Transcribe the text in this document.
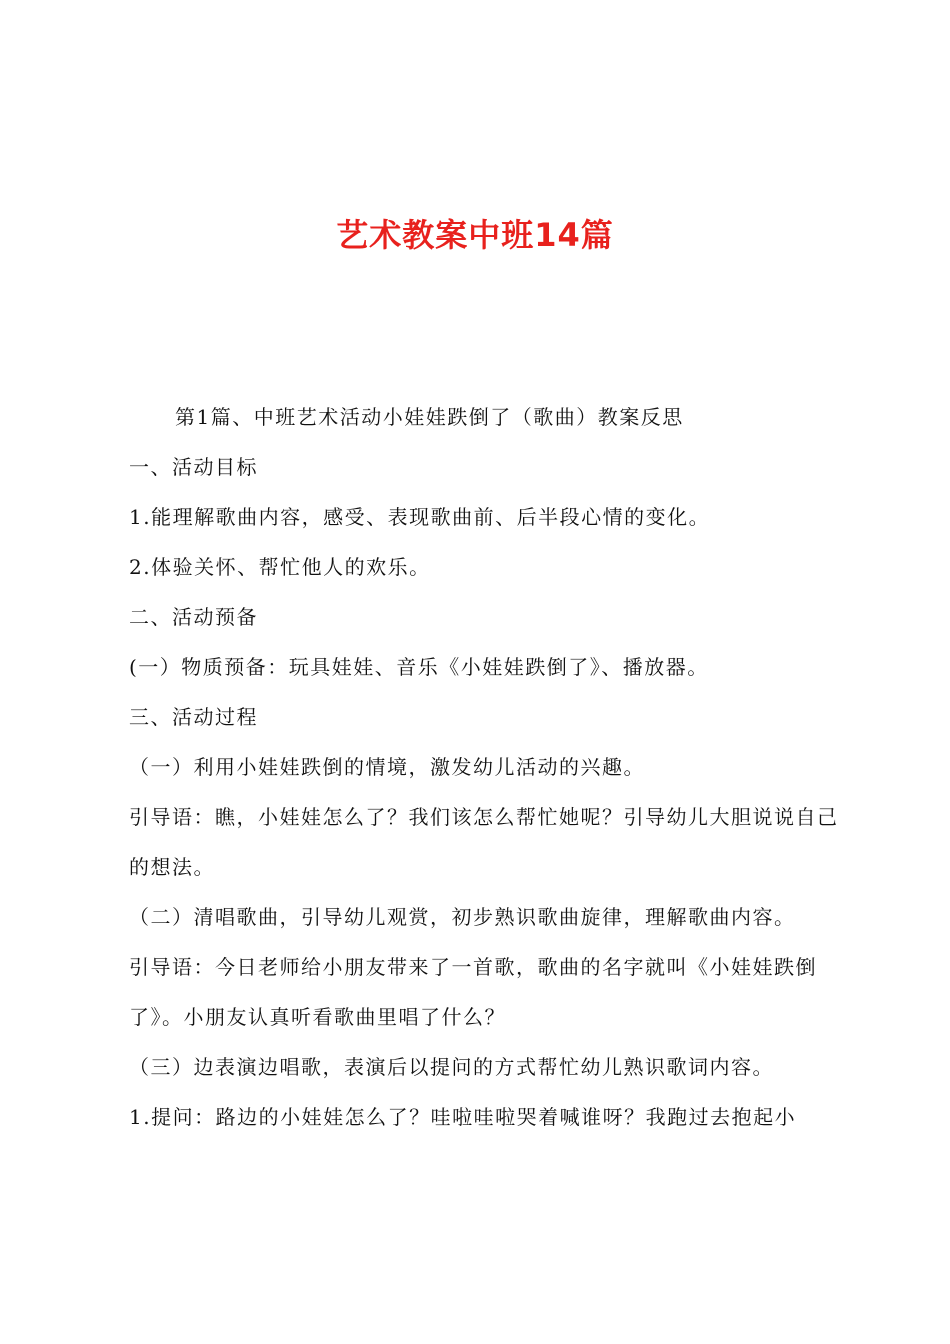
艺术教案中班14篇

第1篇、中班艺术活动小娃娃跌倒了（歌曲）教案反思

一、活动目标

1.能理解歌曲内容，感受、表现歌曲前、后半段心情的变化。

2.体验关怀、帮忙他人的欢乐。

二、活动预备

(一）物质预备：玩具娃娃、音乐《小娃娃跌倒了》、播放器。

三、活动过程

（一）利用小娃娃跌倒的情境，激发幼儿活动的兴趣。

引导语：瞧，小娃娃怎么了？我们该怎么帮忙她呢？引导幼儿大胆说说自己的想法。

（二）清唱歌曲，引导幼儿观赏，初步熟识歌曲旋律，理解歌曲内容。

引导语：今日老师给小朋友带来了一首歌，歌曲的名字就叫《小娃娃跌倒了》。小朋友认真听看歌曲里唱了什么？

（三）边表演边唱歌，表演后以提问的方式帮忙幼儿熟识歌词内容。

1.提问：路边的小娃娃怎么了？哇啦哇啦哭着喊谁呀？我跑过去抱起小
